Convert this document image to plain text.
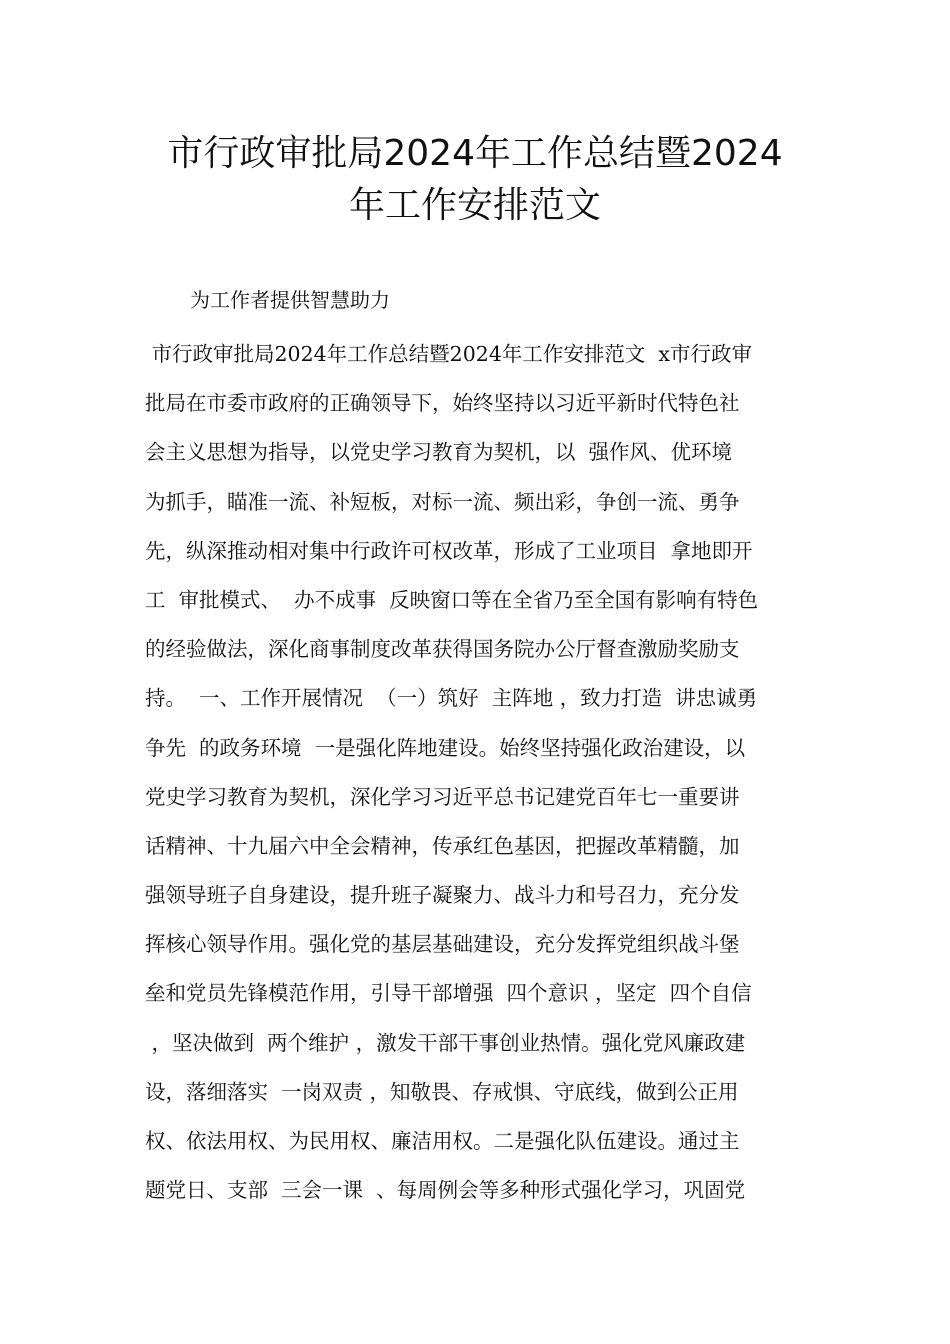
市行政审批局2024年工作总结暨2024
年工作安排范文

为工作者提供智慧助力

市行政审批局2024年工作总结暨2024年工作安排范文  x市行政审
批局在市委市政府的正确领导下，始终坚持以习近平新时代特色社
会主义思想为指导，以党史学习教育为契机，以  强作风、优环境
为抓手，瞄准一流、补短板，对标一流、频出彩，争创一流、勇争
先，纵深推动相对集中行政许可权改革，形成了工业项目  拿地即开
工  审批模式、  办不成事  反映窗口等在全省乃至全国有影响有特色
的经验做法，深化商事制度改革获得国务院办公厅督查激励奖励支
持。  一、工作开展情况  （一）筑好  主阵地 ，致力打造  讲忠诚勇
争先  的政务环境  一是强化阵地建设。始终坚持强化政治建设，以
党史学习教育为契机，深化学习习近平总书记建党百年七一重要讲
话精神、十九届六中全会精神，传承红色基因，把握改革精髓，加
强领导班子自身建设，提升班子凝聚力、战斗力和号召力，充分发
挥核心领导作用。强化党的基层基础建设，充分发挥党组织战斗堡
垒和党员先锋模范作用，引导干部增强  四个意识 ，坚定  四个自信
，坚决做到  两个维护 ，激发干部干事创业热情。强化党风廉政建
设，落细落实  一岗双责 ，知敬畏、存戒惧、守底线，做到公正用
权、依法用权、为民用权、廉洁用权。二是强化队伍建设。通过主
题党日、支部  三会一课  、每周例会等多种形式强化学习，巩固党
